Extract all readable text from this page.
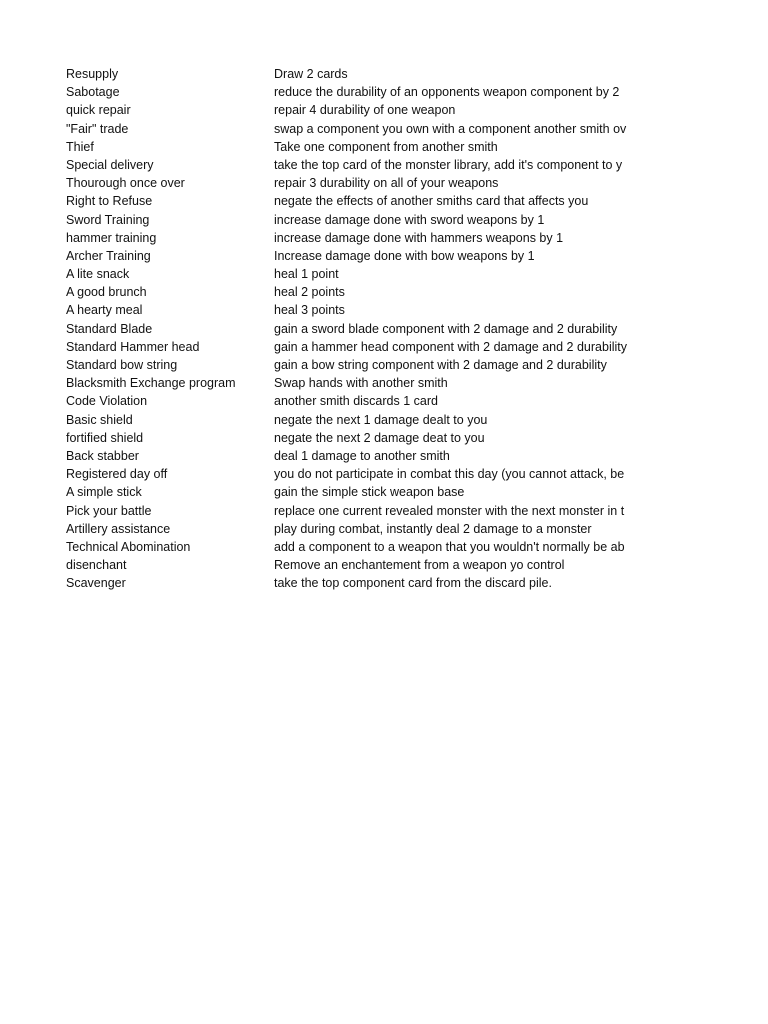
Resupply	Draw 2 cards
Sabotage	reduce the durability of an opponents weapon component by 2
quick repair	repair 4 durability of one weapon
"Fair" trade	swap a component you own with a component another smith ov
Thief	Take one component from another smith
Special delivery	take the top card of the monster library, add it's component to y
Thourough once over	repair 3 durability on all of your weapons
Right to Refuse	negate the effects of another smiths card that affects you
Sword Training	increase damage done with sword weapons by 1
hammer training	increase damage done with hammers weapons by 1
Archer Training	Increase damage done with bow weapons by 1
A lite snack	heal 1 point
A good brunch	heal 2 points
A hearty meal	heal 3 points
Standard Blade	gain a sword blade component with 2 damage and 2 durability
Standard Hammer head	gain a hammer head component with 2 damage and 2 durability
Standard bow string	gain a bow string component with 2 damage and 2 durability
Blacksmith Exchange program	Swap hands with another smith
Code Violation	another smith discards 1 card
Basic shield	negate the next 1 damage dealt to you
fortified shield	negate the next 2 damage deat to you
Back stabber	deal 1 damage to another smith
Registered day off	you do not participate in combat this day (you cannot attack, be
A simple stick	gain the simple stick weapon base
Pick your battle	replace one current revealed monster with the next monster in t
Artillery assistance	play during combat, instantly deal 2 damage to a monster
Technical Abomination	add a component to a weapon that you wouldn't normally be ab
disenchant	Remove an enchantement from a weapon yo control
Scavenger	take the top component card from the discard pile.
